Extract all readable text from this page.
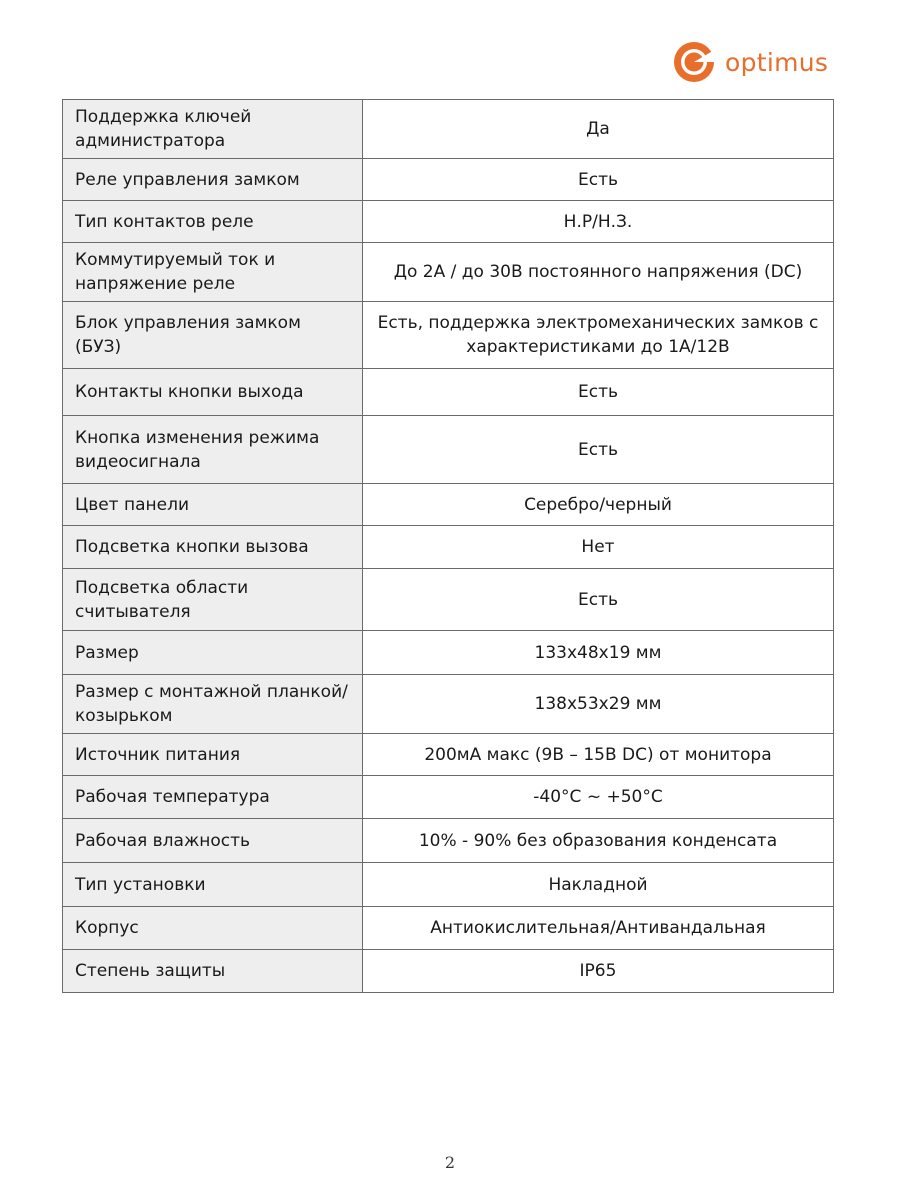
optimus
Поддержка ключей администратора	Да
Реле управления замком	Есть
Тип контактов реле	Н.Р/Н.З.
Коммутируемый ток и напряжение реле	До 2А / до 30В постоянного напряжения (DC)
Блок управления замком (БУЗ)	Есть, поддержка электромеханических замков с характеристиками до 1А/12В
Контакты кнопки выхода	Есть
Кнопка изменения режима видеосигнала	Есть
Цвет панели	Серебро/черный
Подсветка кнопки вызова	Нет
Подсветка области считывателя	Есть
Размер	133x48x19 мм
Размер с монтажной планкой/козырьком	138x53x29 мм
Источник питания	200мА макс (9В – 15В DC) от монитора
Рабочая температура	-40°C ~ +50°C
Рабочая влажность	10% - 90% без образования конденсата
Тип установки	Накладной
Корпус	Антиокислительная/Антивандальная
Степень защиты	IP65
2
